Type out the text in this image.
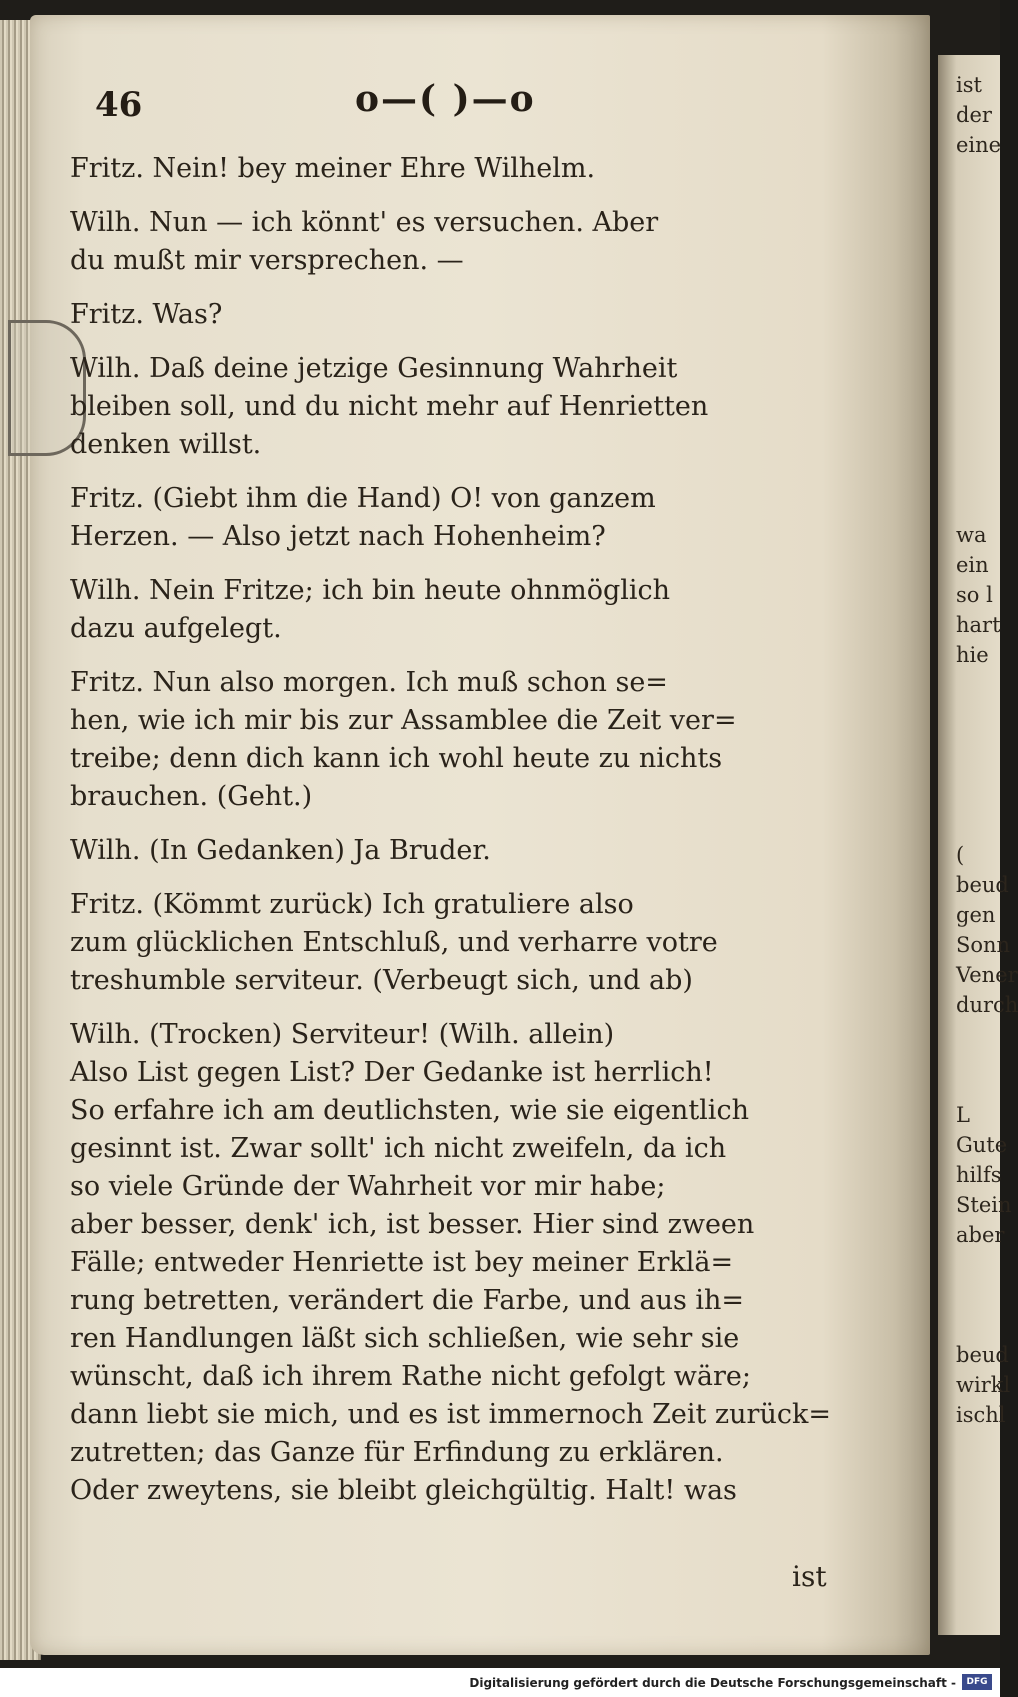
46	o—( )—o

Fritz. Nein! bey meiner Ehre Wilhelm.

Wilh. Nun — ich könnt' es versuchen. Aber

du mußt mir versprechen. —

Fritz. Was?

Wilh. Daß deine jetzige Gesinnung Wahrheit

bleiben soll, und du nicht mehr auf Henrietten

denken willst.

Fritz. (Giebt ihm die Hand) O! von ganzem

Herzen. — Also jetzt nach Hohenheim?

Wilh. Nein Fritze; ich bin heute ohnmöglich

dazu aufgelegt.

Fritz. Nun also morgen. Ich muß schon se=

hen, wie ich mir bis zur Assamblee die Zeit ver=

treibe; denn dich kann ich wohl heute zu nichts

brauchen. (Geht.)

Wilh. (In Gedanken) Ja Bruder.

Fritz. (Kömmt zurück) Ich gratuliere also

zum glücklichen Entschluß, und verharre votre

treshumble serviteur. (Verbeugt sich, und ab)

Wilh. (Trocken) Serviteur! (Wilh. allein)

Also List gegen List? Der Gedanke ist herrlich!

So erfahre ich am deutlichsten, wie sie eigentlich

gesinnt ist. Zwar sollt' ich nicht zweifeln, da ich

so viele Gründe der Wahrheit vor mir habe;

aber besser, denk' ich, ist besser. Hier sind zween

Fälle; entweder Henriette ist bey meiner Erklä=

rung betretten, verändert die Farbe, und aus ih=

ren Handlungen läßt sich schließen, wie sehr sie

wünscht, daß ich ihrem Rathe nicht gefolgt wäre;

dann liebt sie mich, und es ist immernoch Zeit zurück=

zutretten; das Ganze für Erfindung zu erklären.

Oder zweytens, sie bleibt gleichgültig. Halt! was

ist
ist
der
eine
wa
ein
so l
hart
hie
(
beud
gen
Sonn
Vener
durch
L
Gute
hilfs
Stein
aber
beud
wirkl
ischl
Digitalisierung gefördert durch die Deutsche Forschungsgemeinschaft -	DFG
